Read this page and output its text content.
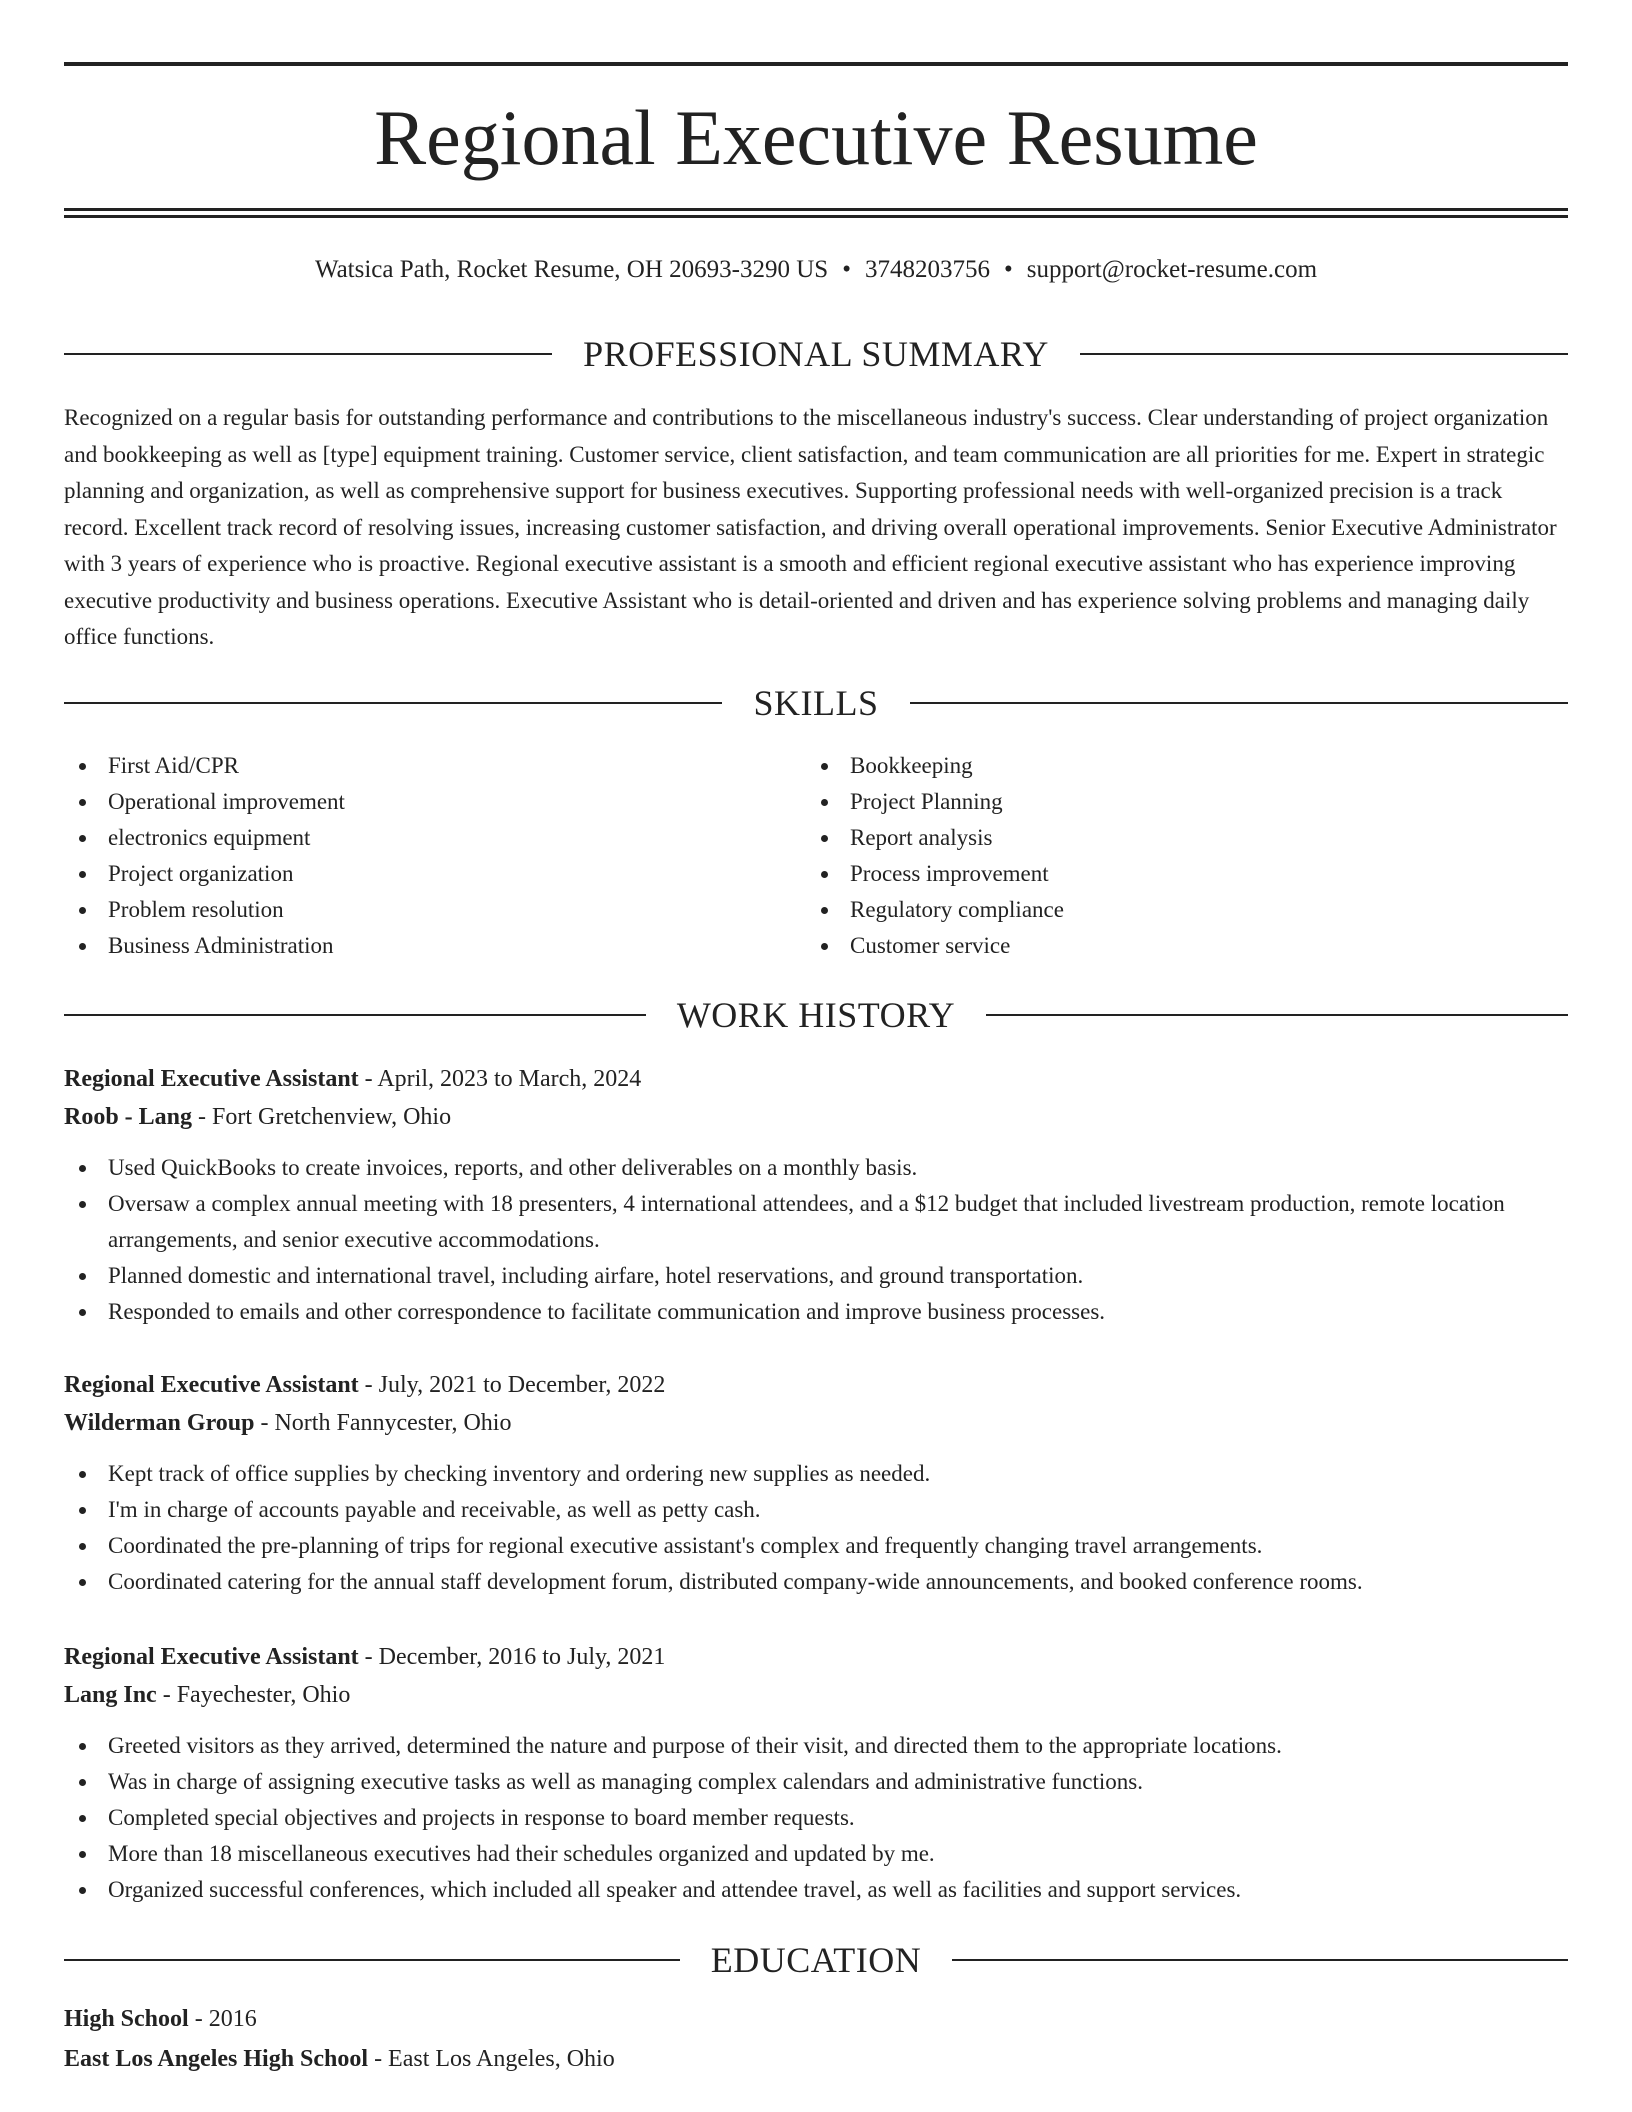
Regional Executive Resume
Watsica Path, Rocket Resume, OH 20693-3290 US • 3748203756 • support@rocket-resume.com
PROFESSIONAL SUMMARY

Recognized on a regular basis for outstanding performance and contributions to the miscellaneous industry's success. Clear understanding of project organization and bookkeeping as well as [type] equipment training. Customer service, client satisfaction, and team communication are all priorities for me. Expert in strategic planning and organization, as well as comprehensive support for business executives. Supporting professional needs with well-organized precision is a track record. Excellent track record of resolving issues, increasing customer satisfaction, and driving overall operational improvements. Senior Executive Administrator with 3 years of experience who is proactive. Regional executive assistant is a smooth and efficient regional executive assistant who has experience improving executive productivity and business operations. Executive Assistant who is detail-oriented and driven and has experience solving problems and managing daily office functions.

SKILLS
First Aid/CPR
Operational improvement
electronics equipment
Project organization
Problem resolution
Business Administration
Bookkeeping
Project Planning
Report analysis
Process improvement
Regulatory compliance
Customer service
WORK HISTORY
Regional Executive Assistant - April, 2023 to March, 2024
Roob - Lang - Fort Gretchenview, Ohio
Used QuickBooks to create invoices, reports, and other deliverables on a monthly basis.
Oversaw a complex annual meeting with 18 presenters, 4 international attendees, and a $12 budget that included livestream production, remote location arrangements, and senior executive accommodations.
Planned domestic and international travel, including airfare, hotel reservations, and ground transportation.
Responded to emails and other correspondence to facilitate communication and improve business processes.
Regional Executive Assistant - July, 2021 to December, 2022
Wilderman Group - North Fannycester, Ohio
Kept track of office supplies by checking inventory and ordering new supplies as needed.
I'm in charge of accounts payable and receivable, as well as petty cash.
Coordinated the pre-planning of trips for regional executive assistant's complex and frequently changing travel arrangements.
Coordinated catering for the annual staff development forum, distributed company-wide announcements, and booked conference rooms.
Regional Executive Assistant - December, 2016 to July, 2021
Lang Inc - Fayechester, Ohio
Greeted visitors as they arrived, determined the nature and purpose of their visit, and directed them to the appropriate locations.
Was in charge of assigning executive tasks as well as managing complex calendars and administrative functions.
Completed special objectives and projects in response to board member requests.
More than 18 miscellaneous executives had their schedules organized and updated by me.
Organized successful conferences, which included all speaker and attendee travel, as well as facilities and support services.
EDUCATION
High School - 2016
East Los Angeles High School - East Los Angeles, Ohio
